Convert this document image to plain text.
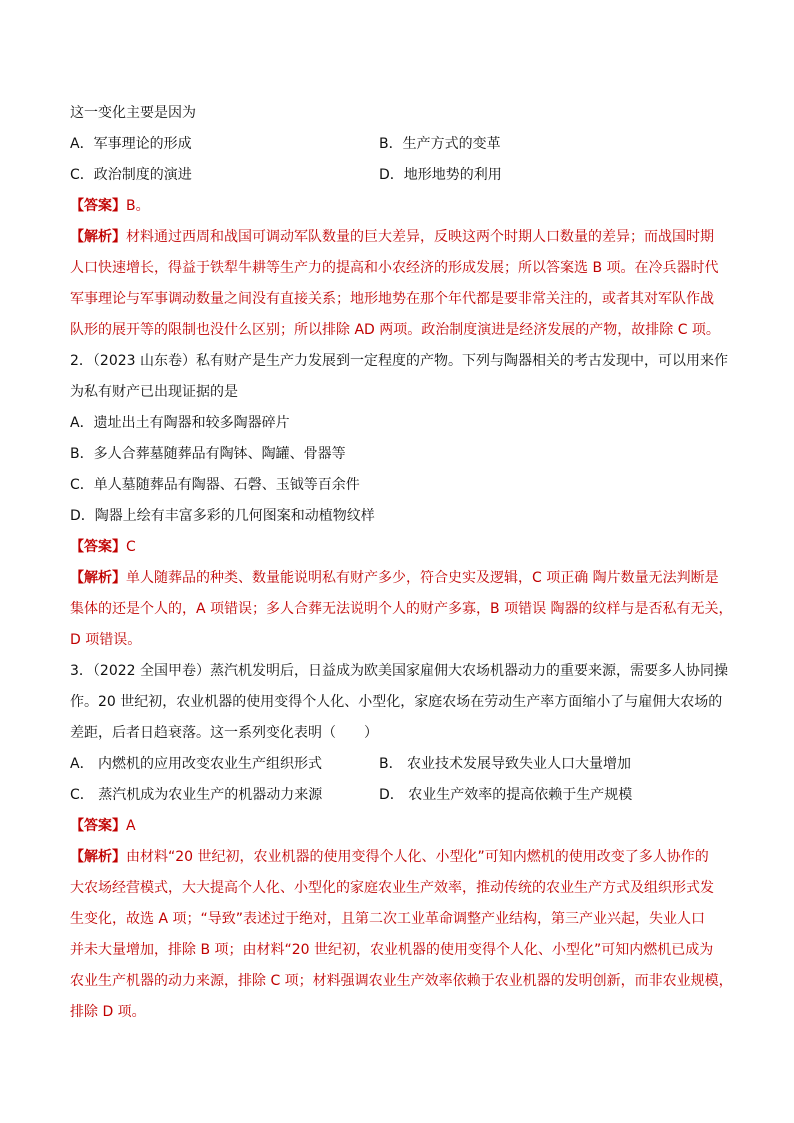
这一变化主要是因为
A．军事理论的形成	B．生产方式的变革
C．政治制度的演进	D．地形地势的利用
【答案】B。
【解析】材料通过西周和战国可调动军队数量的巨大差异，反映这两个时期人口数量的差异；而战国时期
人口快速增长，得益于铁犁牛耕等生产力的提高和小农经济的形成发展；所以答案选 B 项。在冷兵器时代
军事理论与军事调动数量之间没有直接关系；地形地势在那个年代都是要非常关注的，或者其对军队作战
队形的展开等的限制也没什么区别；所以排除 AD 两项。政治制度演进是经济发展的产物，故排除 C 项。
2．（2023 山东卷）私有财产是生产力发展到一定程度的产物。下列与陶器相关的考古发现中，可以用来作
为私有财产已出现证据的是
A．遗址出土有陶器和较多陶器碎片
B．多人合葬墓随葬品有陶钵、陶罐、骨器等
C．单人墓随葬品有陶器、石磬、玉钺等百余件
D．陶器上绘有丰富多彩的几何图案和动植物纹样
【答案】C
【解析】单人随葬品的种类、数量能说明私有财产多少，符合史实及逻辑，C 项正确 陶片数量无法判断是
集体的还是个人的，A 项错误；多人合葬无法说明个人的财产多寡，B 项错误 陶器的纹样与是否私有无关，
D 项错误。
3．（2022 全国甲卷）蒸汽机发明后，日益成为欧美国家雇佣大农场机器动力的重要来源，需要多人协同操
作。20 世纪初，农业机器的使用变得个人化、小型化，家庭农场在劳动生产率方面缩小了与雇佣大农场的
差距，后者日趋衰落。这一系列变化表明（　　）
A． 内燃机的应用改变农业生产组织形式	B． 农业技术发展导致失业人口大量增加
C． 蒸汽机成为农业生产的机器动力来源	D． 农业生产效率的提高依赖于生产规模
【答案】A
【解析】由材料“20 世纪初，农业机器的使用变得个人化、小型化”可知内燃机的使用改变了多人协作的
大农场经营模式，大大提高个人化、小型化的家庭农业生产效率，推动传统的农业生产方式及组织形式发
生变化，故选 A 项；“导致”表述过于绝对，且第二次工业革命调整产业结构，第三产业兴起，失业人口
并未大量增加，排除 B 项；由材料“20 世纪初，农业机器的使用变得个人化、小型化”可知内燃机已成为
农业生产机器的动力来源，排除 C 项；材料强调农业生产效率依赖于农业机器的发明创新，而非农业规模，
排除 D 项。
